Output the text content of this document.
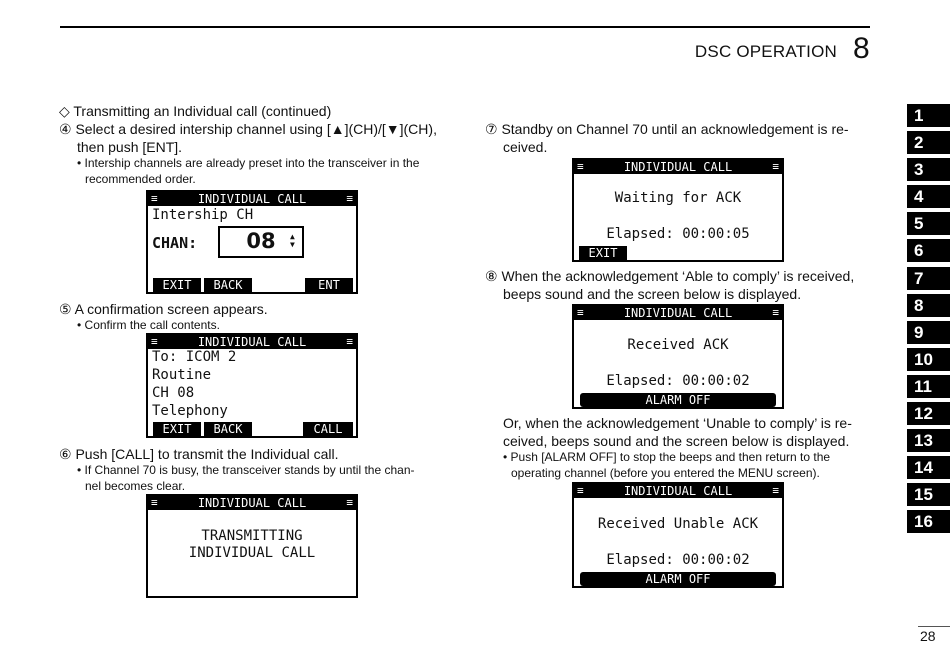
DSC OPERATION 8
◇ Transmitting an Individual call (continued)
④ Select a desired intership channel using [▲](CH)/[▼](CH),
then push [ENT].
• Intership channels are already preset into the transceiver in the
recommended order.
≡	INDIVIDUAL CALL	≡
Intership CH
CHAN:	08	▲
▼
EXIT	BACK	ENT
⑤ A confirmation screen appears.
• Confirm the call contents.
≡	INDIVIDUAL CALL	≡
To: ICOM 2
Routine
CH 08
Telephony
EXIT	BACK	CALL
⑥ Push [CALL] to transmit the Individual call.
• If Channel 70 is busy, the transceiver stands by until the chan-
nel becomes clear.
≡	INDIVIDUAL CALL	≡
TRANSMITTING
INDIVIDUAL CALL
⑦ Standby on Channel 70 until an acknowledgement is re-
ceived.
≡	INDIVIDUAL CALL	≡
Waiting for ACK
Elapsed: 00:00:05
EXIT
⑧ When the acknowledgement ‘Able to comply’ is received,
beeps sound and the screen below is displayed.
≡	INDIVIDUAL CALL	≡
Received ACK
Elapsed: 00:00:02
ALARM OFF
Or, when the acknowledgement ‘Unable to comply’ is re-
ceived, beeps sound and the screen below is displayed.
• Push [ALARM OFF] to stop the beeps and then return to the
operating channel (before you entered the MENU screen).
≡	INDIVIDUAL CALL	≡
Received Unable ACK
Elapsed: 00:00:02
ALARM OFF
1
2
3
4
5
6
7
8
9
10
11
12
13
14
15
16
28
